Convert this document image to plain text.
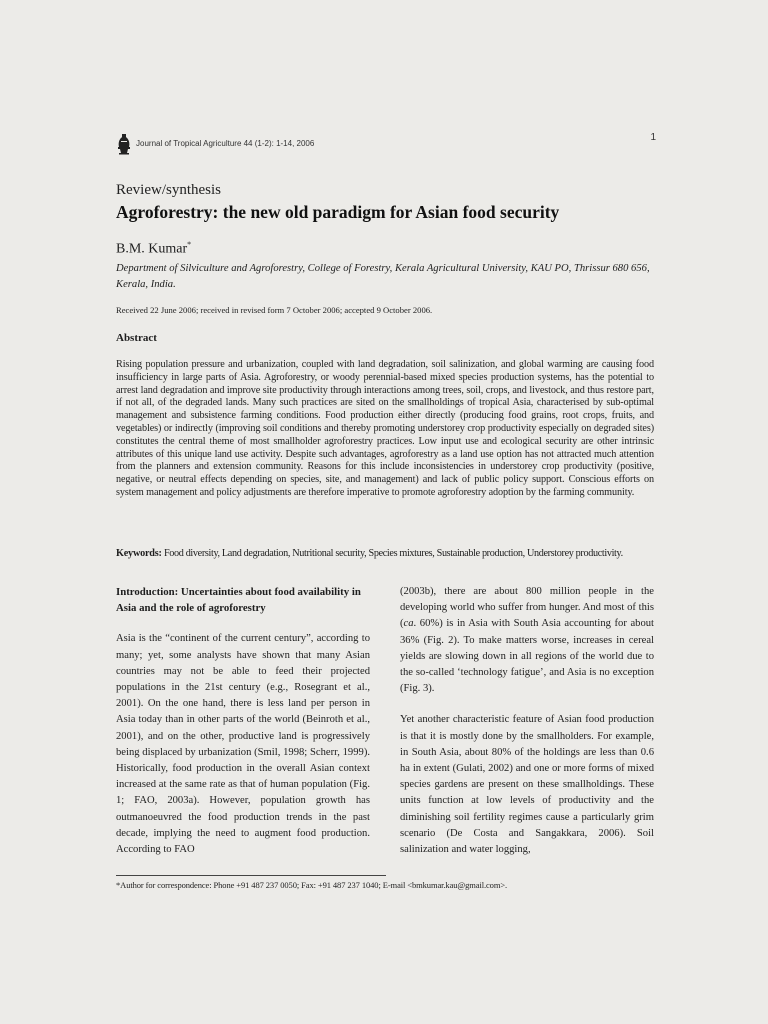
Journal of Tropical Agriculture 44 (1-2): 1-14, 2006
1
Review/synthesis
Agroforestry: the new old paradigm for Asian food security
B.M. Kumar*
Department of Silviculture and Agroforestry, College of Forestry, Kerala Agricultural University, KAU PO, Thrissur 680 656, Kerala, India.
Received 22 June 2006; received in revised form 7 October 2006; accepted 9 October 2006.
Abstract
Rising population pressure and urbanization, coupled with land degradation, soil salinization, and global warming are causing food insufficiency in large parts of Asia. Agroforestry, or woody perennial-based mixed species production systems, has the potential to arrest land degradation and improve site productivity through interactions among trees, soil, crops, and livestock, and thus restore part, if not all, of the degraded lands. Many such practices are sited on the smallholdings of tropical Asia, characterised by sub-optimal management and subsistence farming conditions. Food production either directly (producing food grains, root crops, fruits, and vegetables) or indirectly (improving soil conditions and thereby promoting understorey crop productivity especially on degraded sites) constitutes the central theme of most smallholder agroforestry practices. Low input use and ecological security are other intrinsic attributes of this unique land use activity. Despite such advantages, agroforestry as a land use option has not attracted much attention from the planners and extension community. Reasons for this include inconsistencies in understorey crop productivity (positive, negative, or neutral effects depending on species, site, and management) and lack of public policy support. Conscious efforts on system management and policy adjustments are therefore imperative to promote agroforestry adoption by the farming community.
Keywords: Food diversity, Land degradation, Nutritional security, Species mixtures, Sustainable production, Understorey productivity.
Introduction: Uncertainties about food availability in Asia and the role of agroforestry

Asia is the “continent of the current century”, according to many; yet, some analysts have shown that many Asian countries may not be able to feed their projected populations in the 21st century (e.g., Rosegrant et al., 2001). On the one hand, there is less land per person in Asia today than in other parts of the world (Beinroth et al., 2001), and on the other, productive land is progressively being displaced by urbanization (Smil, 1998; Scherr, 1999). Historically, food production in the overall Asian context increased at the same rate as that of human population (Fig. 1; FAO, 2003a). However, population growth has outmanoeuvred the food production trends in the past decade, implying the need to augment food production. According to FAO

(2003b), there are about 800 million people in the developing world who suffer from hunger. And most of this (ca. 60%) is in Asia with South Asia accounting for about 36% (Fig. 2). To make matters worse, increases in cereal yields are slowing down in all regions of the world due to the so-called ‘technology fatigue’, and Asia is no exception (Fig. 3).

Yet another characteristic feature of Asian food production is that it is mostly done by the smallholders. For example, in South Asia, about 80% of the holdings are less than 0.6 ha in extent (Gulati, 2002) and one or more forms of mixed species gardens are present on these smallholdings. These units function at low levels of productivity and the diminishing soil fertility regimes cause a particularly grim scenario (De Costa and Sangakkara, 2006). Soil salinization and water logging,

*Author for correspondence: Phone +91 487 237 0050; Fax: +91 487 237 1040; E-mail <bmkumar.kau@gmail.com>.
